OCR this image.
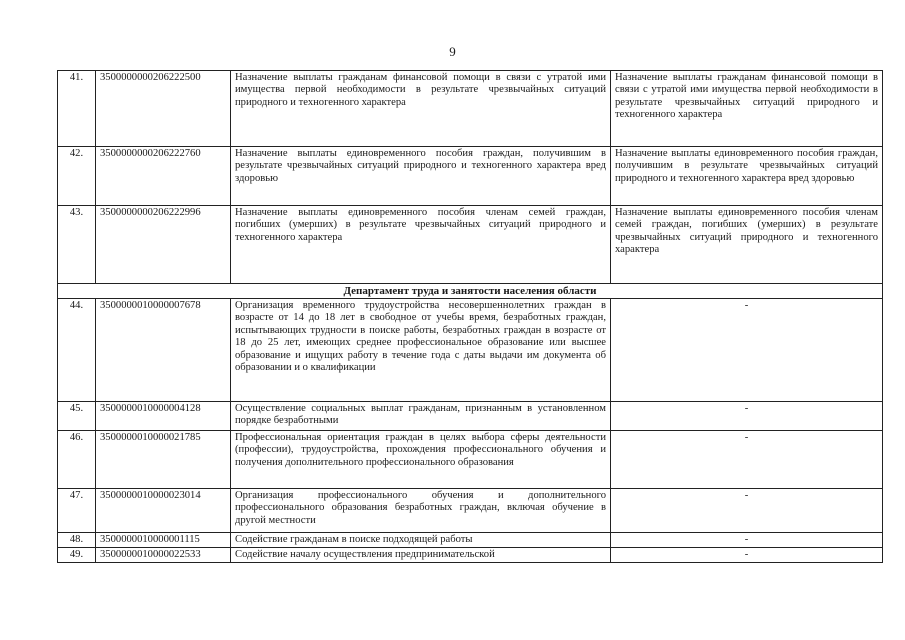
9
41.	3500000000206222500	Назначение выплаты гражданам финансовой помощи в связи с утратой ими имущества первой необходимости в результате чрезвычайных ситуаций природного и техногенного характера	Назначение выплаты гражданам финансовой помощи в связи с утратой ими имущества первой необходимости в результате чрезвычайных ситуаций природного и техногенного характера
42.	3500000000206222760	Назначение выплаты единовременного пособия граждан, получившим в результате чрезвычайных ситуаций природного и техногенного характера вред здоровью	Назначение выплаты единовременного пособия граждан, получившим в результате чрезвычайных ситуаций природного и техногенного характера вред здоровью
43.	3500000000206222996	Назначение выплаты единовременного пособия членам семей граждан, погибших (умерших) в результате чрезвычайных ситуаций природного и техногенного характера	Назначение выплаты единовременного пособия членам семей граждан, погибших (умерших) в результате чрезвычайных ситуаций природного и техногенного характера
Департамент труда и занятости населения области			
44.	3500000010000007678	Организация временного трудоустройства несовершеннолетних граждан в возрасте от 14 до 18 лет в свободное от учебы время, безработных граждан, испытывающих трудности в поиске работы, безработных граждан в возрасте от 18 до 25 лет, имеющих среднее профессиональное образование или высшее образование и ищущих работу в течение года с даты выдачи им документа об образовании и о квалификации	-
45.	3500000010000004128	Осуществление социальных выплат гражданам, признанным в установленном порядке безработными	-
46.	3500000010000021785	Профессиональная ориентация граждан в целях выбора сферы деятельности (профессии), трудоустройства, прохождения профессионального обучения и получения дополнительного профессионального образования	-
47.	3500000010000023014	Организация профессионального обучения и дополнительного профессионального образования безработных граждан, включая обучение в другой местности	-
48.	3500000010000001115	Содействие гражданам в поиске подходящей работы	-
49.	3500000010000022533	Содействие началу осуществления предпринимательской	-
